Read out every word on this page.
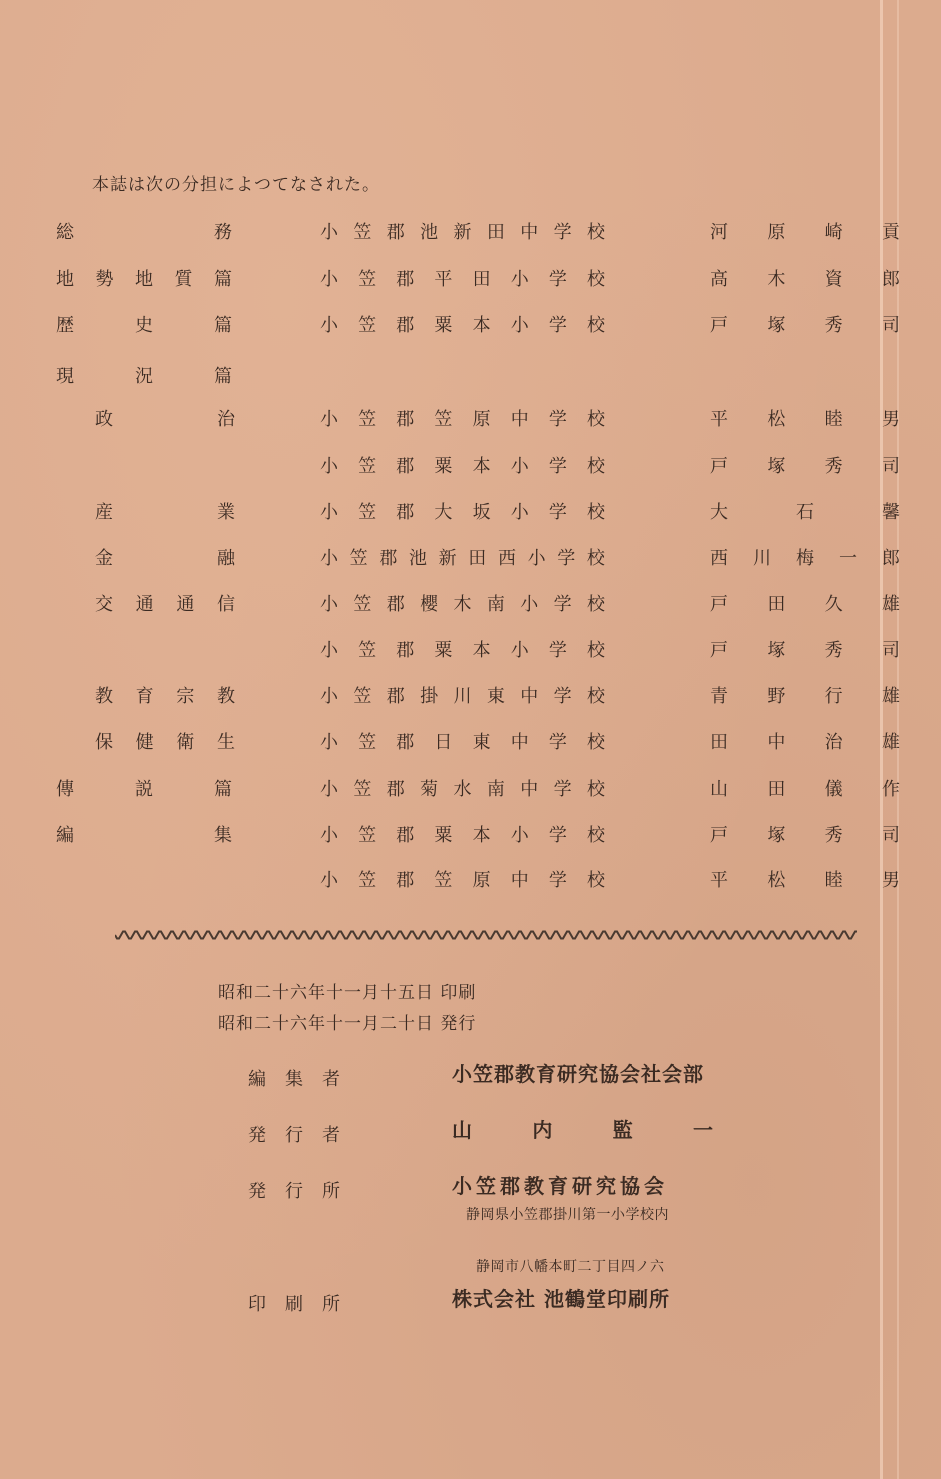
本誌は次の分担によつてなされた。
総	務	小 笠 郡 池 新 田 中 学 校	河 原 崎 貢
地 勢 地 質 篇	小 笠 郡 平 田 小 学 校	高 木 資 郎
歴	史	篇	小 笠 郡 粟 本 小 学 校	戸 塚 秀 司
現	況	篇
政	治	小 笠 郡 笠 原 中 学 校	平 松 睦 男
小 笠 郡 粟 本 小 学 校	戸 塚 秀 司
産	業	小 笠 郡 大 坂 小 学 校	大	石	馨
金	融	小 笠 郡 池 新 田 西 小 学 校	西 川 梅 一 郎
交 通 通 信	小 笠 郡 櫻 木 南 小 学 校	戸 田 久 雄
小 笠 郡 粟 本 小 学 校	戸 塚 秀 司
教 育 宗 教	小 笠 郡 掛 川 東 中 学 校	青 野 行 雄
保 健 衛 生	小 笠 郡 日 東 中 学 校	田 中 治 雄
傳	説	篇	小 笠 郡 菊 水 南 中 学 校	山 田 儀 作
編	集	小 笠 郡 粟 本 小 学 校	戸 塚 秀 司
小 笠 郡 笠 原 中 学 校	平 松 睦 男
昭和二十六年十一月十五日 印刷
昭和二十六年十一月二十日 発行
編 集 者	小笠郡教育研究協会社会部
発 行 者	山	内	監	一
発 行 所	小笠郡教育研究協会
静岡県小笠郡掛川第一小学校内
静岡市八幡本町二丁目四ノ六
印 刷 所	株式会社 池鶴堂印刷所
